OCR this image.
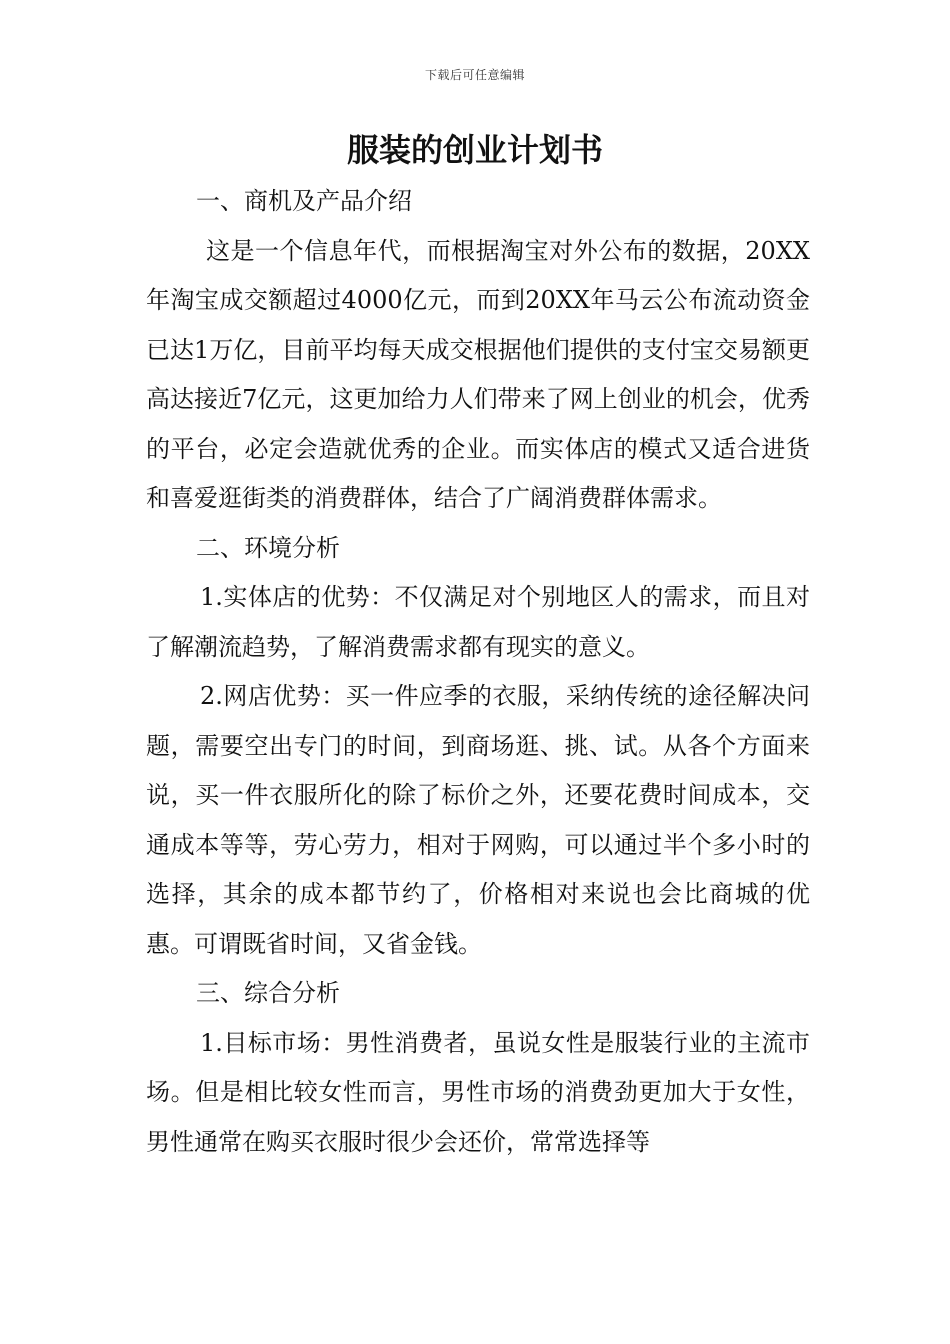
下载后可任意编辑
服装的创业计划书

一、商机及产品介绍

这是一个信息年代，而根据淘宝对外公布的数据，20XX年淘宝成交额超过4000亿元，而到20XX年马云公布流动资金已达1万亿，目前平均每天成交根据他们提供的支付宝交易额更高达接近7亿元，这更加给力人们带来了网上创业的机会，优秀的平台，必定会造就优秀的企业。而实体店的模式又适合进货和喜爱逛街类的消费群体，结合了广阔消费群体需求。

二、环境分析

1.实体店的优势：不仅满足对个别地区人的需求，而且对了解潮流趋势，了解消费需求都有现实的意义。

2.网店优势：买一件应季的衣服，采纳传统的途径解决问题，需要空出专门的时间，到商场逛、挑、试。从各个方面来说，买一件衣服所化的除了标价之外，还要花费时间成本，交通成本等等，劳心劳力，相对于网购，可以通过半个多小时的选择，其余的成本都节约了，价格相对来说也会比商城的优惠。可谓既省时间，又省金钱。

三、综合分析

1.目标市场：男性消费者，虽说女性是服装行业的主流市场。但是相比较女性而言，男性市场的消费劲更加大于女性，男性通常在购买衣服时很少会还价，常常选择等
